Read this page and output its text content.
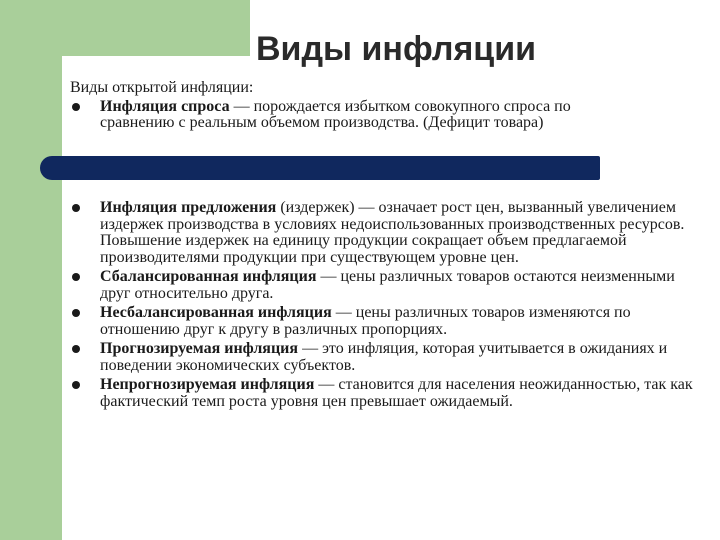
Виды инфляции
Виды открытой инфляции:
Инфляция спроса — порождается избытком совокупного спроса по сравнению с реальным объемом производства. (Дефицит товара)
Инфляция предложения (издержек) — означает рост цен, вызванный увеличением издержек производства в условиях недоиспользованных производственных ресурсов. Повышение издержек на единицу продукции сокращает объем предлагаемой производителями продукции при существующем уровне цен.
Сбалансированная инфляция — цены различных товаров остаются неизменными друг относительно друга.
Несбалансированная инфляция — цены различных товаров изменяются по отношению друг к другу в различных пропорциях.
Прогнозируемая инфляция — это инфляция, которая учитывается в ожиданиях и поведении экономических субъектов.
Непрогнозируемая инфляция — становится для населения неожиданностью, так как фактический темп роста уровня цен превышает ожидаемый.
